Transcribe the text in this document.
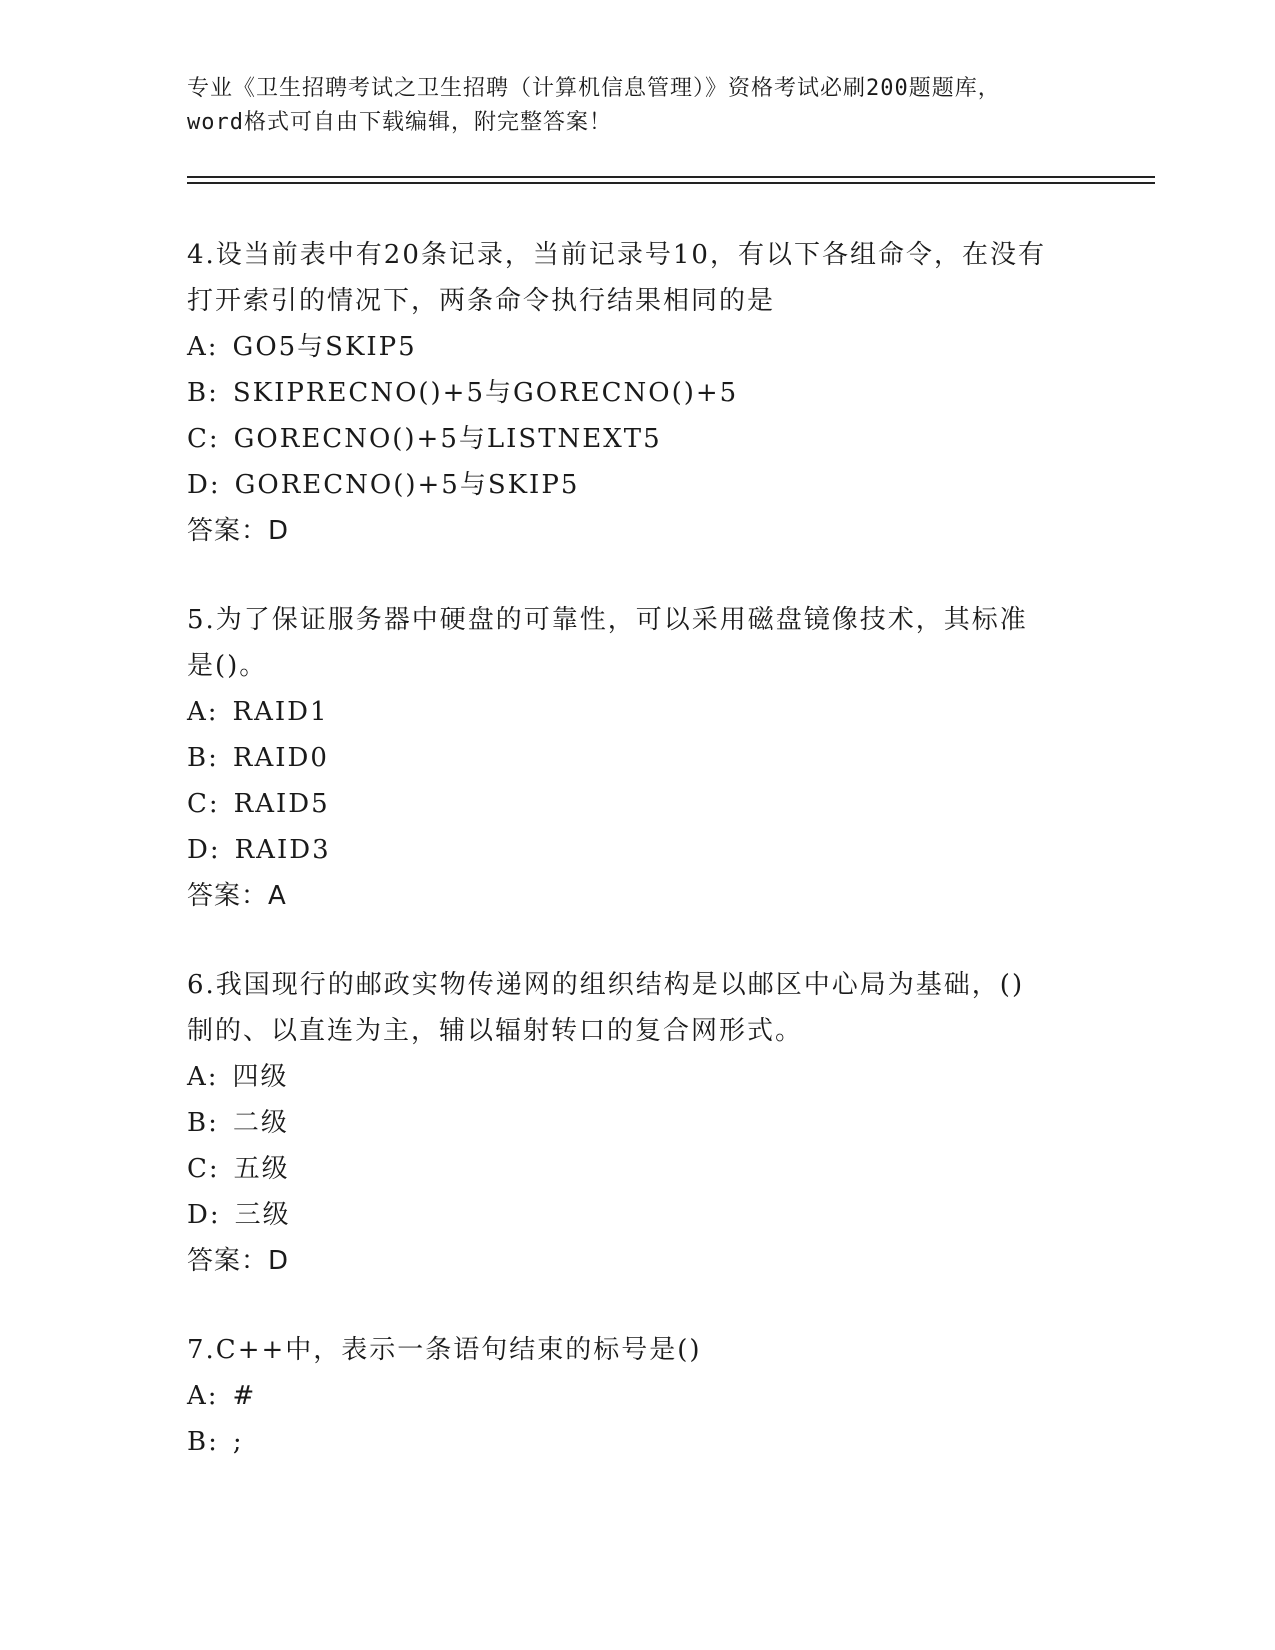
专业《卫生招聘考试之卫生招聘（计算机信息管理）》资格考试必刷200题题库，
word格式可自由下载编辑，附完整答案！
4.设当前表中有20条记录，当前记录号10，有以下各组命令，在没有
打开索引的情况下，两条命令执行结果相同的是
A: GO5与SKIP5
B: SKIPRECNO()+5与GORECNO()+5
C: GORECNO()+5与LISTNEXT5
D: GORECNO()+5与SKIP5
答案：D
5.为了保证服务器中硬盘的可靠性，可以采用磁盘镜像技术，其标准
是()。
A: RAID1
B: RAID0
C: RAID5
D: RAID3
答案：A
6.我国现行的邮政实物传递网的组织结构是以邮区中心局为基础，()
制的、以直连为主，辅以辐射转口的复合网形式。
A: 四级
B: 二级
C: 五级
D: 三级
答案：D
7.C++中，表示一条语句结束的标号是()
A: #
B: ;
